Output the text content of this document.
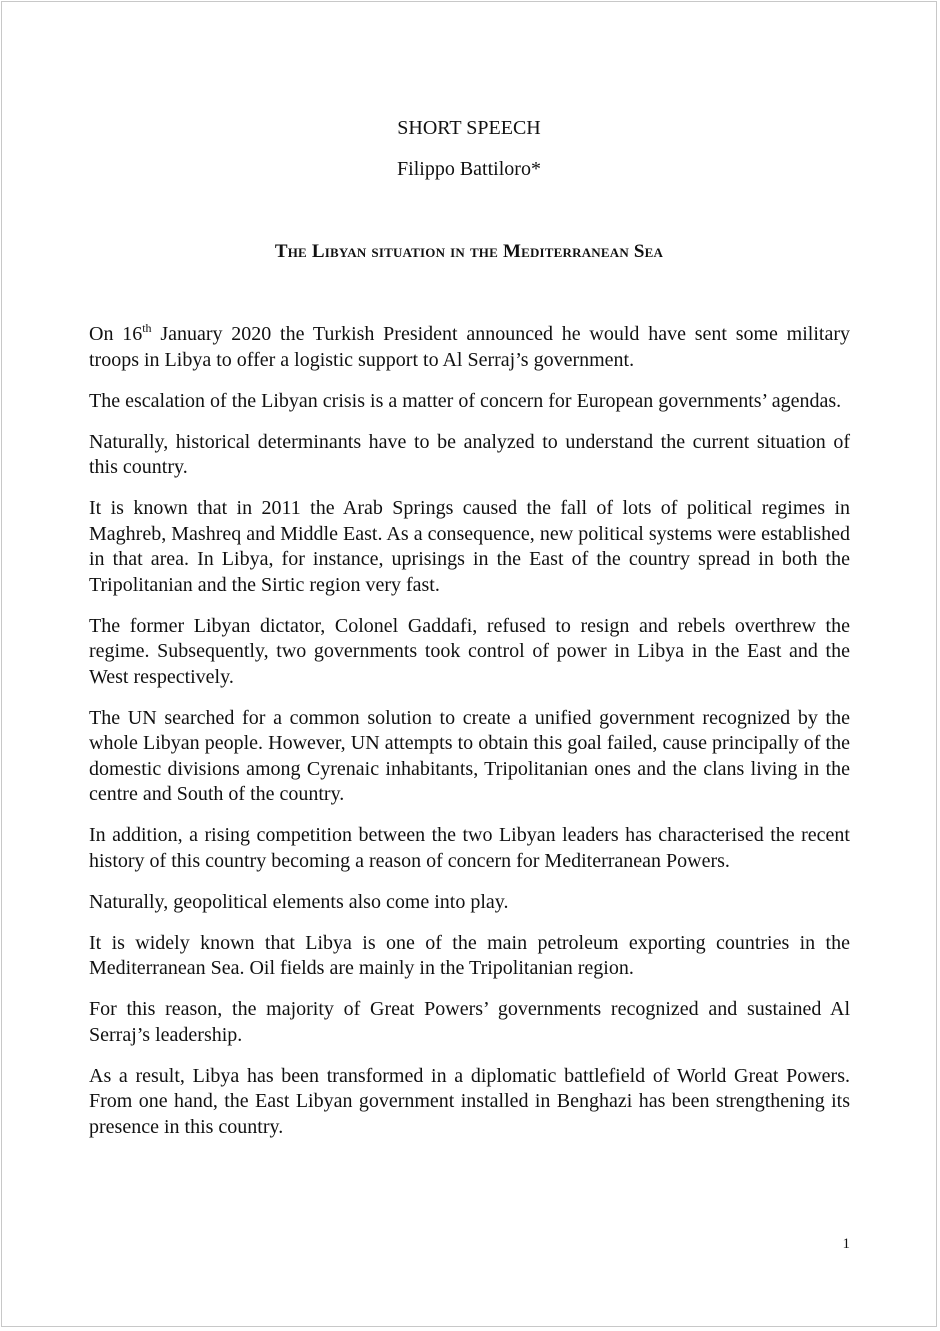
SHORT SPEECH
Filippo Battiloro*
The Libyan situation in the Mediterranean Sea

On 16th January 2020 the Turkish President announced he would have sent some military troops in Libya to offer a logistic support to Al Serraj’s government.

The escalation of the Libyan crisis is a matter of concern for European governments’ agendas.

Naturally, historical determinants have to be analyzed to understand the current situation of this country.

It is known that in 2011 the Arab Springs caused the fall of lots of political regimes in Maghreb, Mashreq and Middle East. As a consequence, new political systems were established in that area. In Libya, for instance, uprisings in the East of the country spread in both the Tripolitanian and the Sirtic region very fast.

The former Libyan dictator, Colonel Gaddafi, refused to resign and rebels overthrew the regime. Subsequently, two governments took control of power in Libya in the East and the West respectively.

The UN searched for a common solution to create a unified government recognized by the whole Libyan people. However, UN attempts to obtain this goal failed, cause principally of the domestic divisions among Cyrenaic inhabitants, Tripolitanian ones and the clans living in the centre and South of the country.

In addition, a rising competition between the two Libyan leaders has characterised the recent history of this country becoming a reason of concern for Mediterranean Powers.

Naturally, geopolitical elements also come into play.

It is widely known that Libya is one of the main petroleum exporting countries in the Mediterranean Sea. Oil fields are mainly in the Tripolitanian region.

For this reason, the majority of Great Powers’ governments recognized and sustained Al Serraj’s leadership.

As a result, Libya has been transformed in a diplomatic battlefield of World Great Powers. From one hand, the East Libyan government installed in Benghazi has been strengthening its presence in this country.

1
